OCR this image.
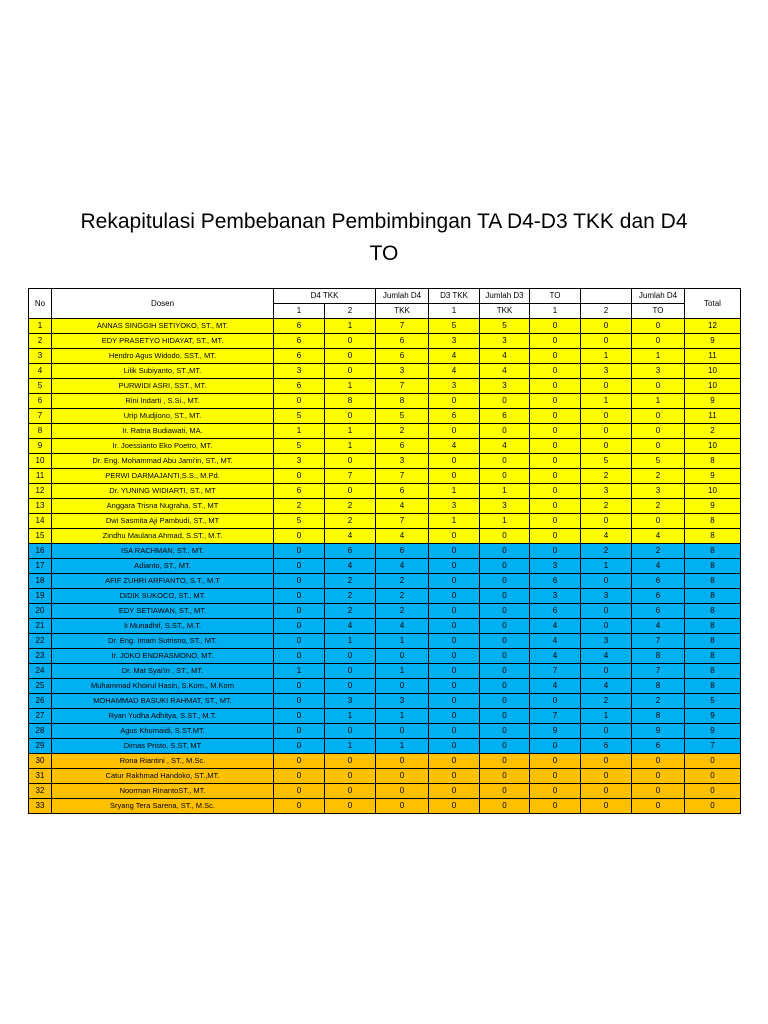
Rekapitulasi Pembebanan Pembimbingan TA D4-D3 TKK dan D4
TO
No	Dosen	D4 TKK		Jumlah D4	D3 TKK	Jumlah D3	TO		Jumlah D4	Total
		1	2	TKK	1	TKK	1	2	TO	
1	ANNAS SINGGIH SETIYOKO, ST., MT.	6	1	7	5	5	0	0	0	12
2	EDY PRASETYO HIDAYAT, ST., MT.	6	0	6	3	3	0	0	0	9
3	Hendro Agus Widodo, SST., MT.	6	0	6	4	4	0	1	1	11
4	Lilik Subiyanto, ST.,MT.	3	0	3	4	4	0	3	3	10
5	PURWIDI ASRI, SST., MT.	6	1	7	3	3	0	0	0	10
6	Rini Indarti , S.Si., MT.	0	8	8	0	0	0	1	1	9
7	Urip Mudjiono, ST., MT.	5	0	5	6	6	0	0	0	11
8	Ir. Ratna Budiawati, MA.	1	1	2	0	0	0	0	0	2
9	Ir. Joessianto Eko Poetro, MT.	5	1	6	4	4	0	0	0	10
10	Dr. Eng. Mohammad Abu Jami'in, ST., MT.	3	0	3	0	0	0	5	5	8
11	PERWI DARMAJANTI,S.S., M.Pd.	0	7	7	0	0	0	2	2	9
12	Dr. YUNING WIDIARTI, ST., MT	6	0	6	1	1	0	3	3	10
13	Anggara Trisna Nugraha, ST., MT	2	2	4	3	3	0	2	2	9
14	Dwi Sasmita Aji Pambudi, ST., MT	5	2	7	1	1	0	0	0	8
15	Zindhu Maulana Ahmad, S.ST., M.T.	0	4	4	0	0	0	4	4	8
16	ISA RACHMAN, ST., MT.	0	6	6	0	0	0	2	2	8
17	Adianto, ST., MT.	0	4	4	0	0	3	1	4	8
18	AFIF ZUHRI ARFIANTO, S.T., M.T	0	2	2	0	0	6	0	6	8
19	DIDIK SUKOCO, ST., MT.	0	2	2	0	0	3	3	6	8
20	EDY SETIAWAN, ST., MT.	0	2	2	0	0	6	0	6	8
21	Ii Munadhif, S.ST., M.T.	0	4	4	0	0	4	0	4	8
22	Dr. Eng. Imam Sutrisno, ST., MT.	0	1	1	0	0	4	3	7	8
23	Ir. JOKO ENDRASMONO, MT.	0	0	0	0	0	4	4	8	8
24	Dr. Mat Syai'in , ST., MT.	1	0	1	0	0	7	0	7	8
25	Muhammad Khoirul Hasin, S.Kom., M.Kom	0	0	0	0	0	4	4	8	8
26	MOHAMMAD BASUKI RAHMAT, ST., MT.	0	3	3	0	0	0	2	2	5
27	Ryan Yudha Adhitya, S.ST., M.T.	0	1	1	0	0	7	1	8	9
28	Agus Khumaidi, S.ST.MT.	0	0	0	0	0	9	0	9	9
29	Dimas Pristo, S.ST, MT	0	1	1	0	0	0	6	6	7
30	Rona Riantini , ST., M.Sc.	0	0	0	0	0	0	0	0	0
31	Catur Rakhmad Handoko, ST.,MT.	0	0	0	0	0	0	0	0	0
32	Noorman RinantoST., MT.	0	0	0	0	0	0	0	0	0
33	Sryang Tera Sarena, ST., M.Sc.	0	0	0	0	0	0	0	0	0
